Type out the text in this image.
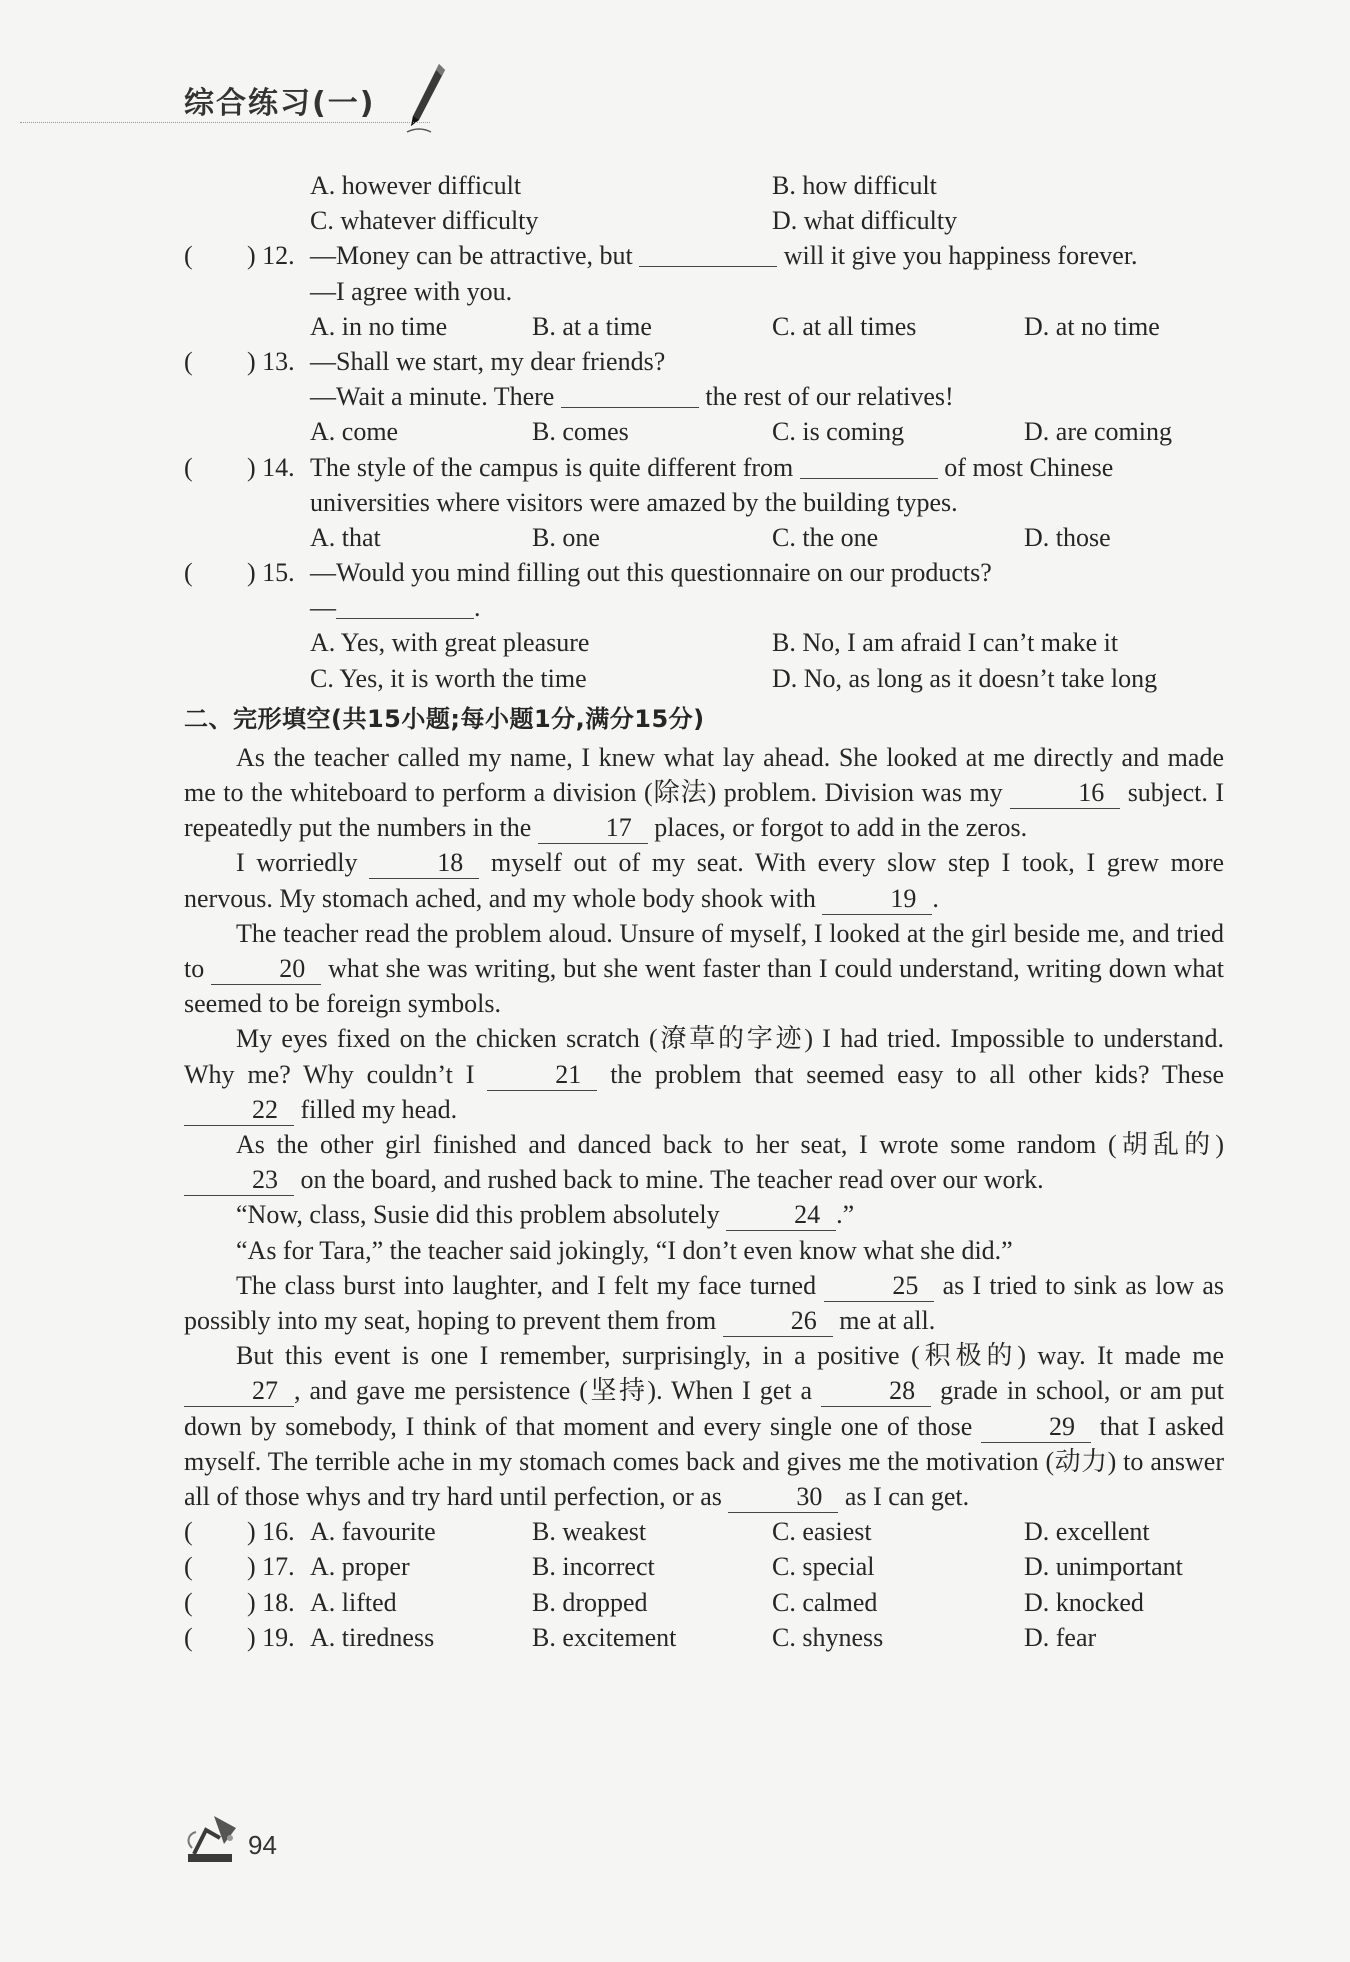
综合练习(一)
A. however difficult	B. how difficult
C. whatever difficulty	D. what difficulty
( ) 12. —Money can be attractive, but	will it give you happiness forever.
—I agree with you.
A. in no time	B. at a time	C. at all times	D. at no time
( ) 13. —Shall we start, my dear friends?
—Wait a minute. There	the rest of our relatives!
A. come	B. comes	C. is coming	D. are coming
( ) 14. The style of the campus is quite different from	of most Chinese
universities where visitors were amazed by the building types.
A. that	B. one	C. the one	D. those
( ) 15. —Would you mind filling out this questionnaire on our products?
—	.
A. Yes, with great pleasure	B. No, I am afraid I can’t make it
C. Yes, it is worth the time	D. No, as long as it doesn’t take long
二、完形填空(共15小题;每小题1分,满分15分)

As the teacher called my name, I knew what lay ahead. She looked at me directly and made me to the whiteboard to perform a division (除法) problem. Division was my	16 subject. I repeatedly put the numbers in the	17 places, or forgot to add in the zeros.

I worriedly	18 myself out of my seat. With every slow step I took, I grew more nervous. My stomach ached, and my whole body shook with	19 .

The teacher read the problem aloud. Unsure of myself, I looked at the girl beside me, and tried to	20 what she was writing, but she went faster than I could understand, writing down what seemed to be foreign symbols.

My eyes fixed on the chicken scratch (潦草的字迹) I had tried. Impossible to understand. Why me? Why couldn’t I	21 the problem that seemed easy to all other kids? These 22 filled my head.

As the other girl finished and danced back to her seat, I wrote some random (胡乱的) 23 on the board, and rushed back to mine. The teacher read over our work.

“Now, class, Susie did this problem absolutely	24 .”

“As for Tara,” the teacher said jokingly, “I don’t even know what she did.”

The class burst into laughter, and I felt my face turned	25 as I tried to sink as low as possibly into my seat, hoping to prevent them from	26 me at all.

But this event is one I remember, surprisingly, in a positive (积极的) way. It made me 27 , and gave me persistence (坚持). When I get a	28 grade in school, or am put down by somebody, I think of that moment and every single one of those	29 that I asked myself. The terrible ache in my stomach comes back and gives me the motivation (动力) to answer all of those whys and try hard until perfection, or as	30 as I can get.

( ) 16. A. favourite	B. weakest	C. easiest	D. excellent
( ) 17. A. proper	B. incorrect	C. special	D. unimportant
( ) 18. A. lifted	B. dropped	C. calmed	D. knocked
( ) 19. A. tiredness	B. excitement	C. shyness	D. fear
94
